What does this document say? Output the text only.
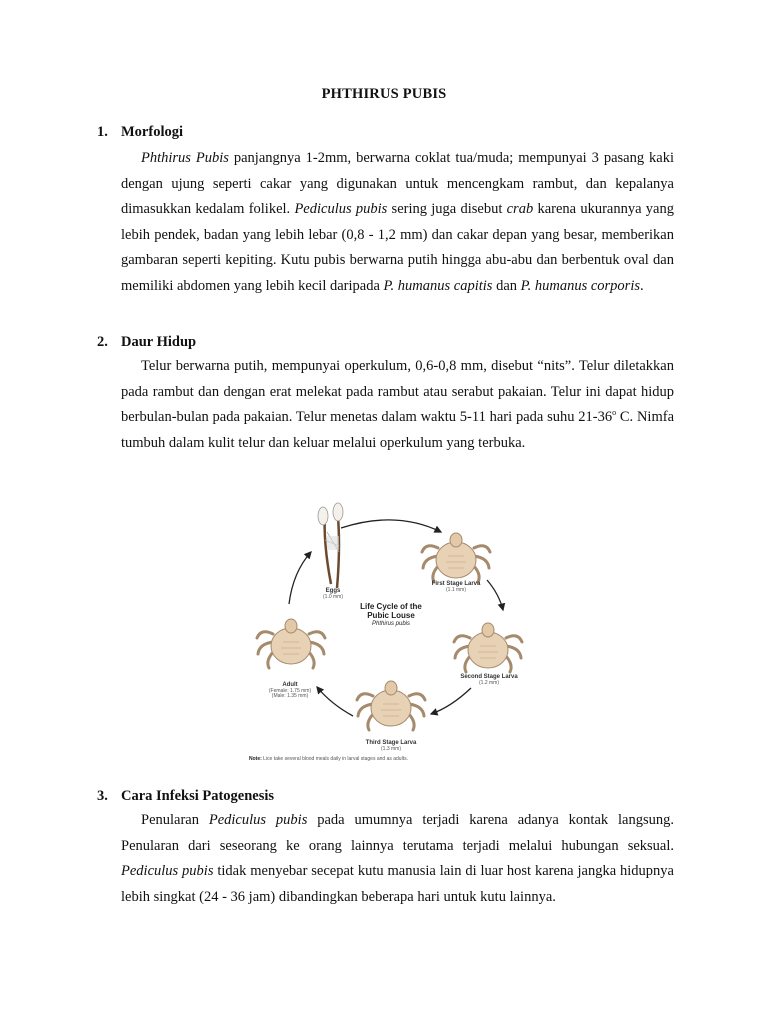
PHTHIRUS PUBIS
1. Morfologi

Phthirus Pubis panjangnya 1-2mm, berwarna coklat tua/muda; mempunyai 3 pasang kaki dengan ujung seperti cakar yang digunakan untuk mencengkam rambut, dan kepalanya dimasukkan kedalam folikel. Pediculus pubis sering juga disebut crab karena ukurannya yang lebih pendek, badan yang lebih lebar (0,8 - 1,2 mm) dan cakar depan yang besar, memberikan gambaran seperti kepiting. Kutu pubis berwarna putih hingga abu-abu dan berbentuk oval dan memiliki abdomen yang lebih kecil daripada P. humanus capitis dan P. humanus corporis.

2. Daur Hidup

Telur berwarna putih, mempunyai operkulum, 0,6-0,8 mm, disebut “nits”. Telur diletakkan pada rambut dan dengan erat melekat pada rambut atau serabut pakaian. Telur ini dapat hidup berbulan-bulan pada pakaian. Telur menetas dalam waktu 5-11 hari pada suhu 21-36$^o$ C. Nimfa tumbuh dalam kulit telur dan keluar melalui operkulum yang terbuka.

Eggs
(1.0 mm)
First Stage Larva
(1.1 mm)
Second Stage Larva
(1.2 mm)
Third Stage Larva
(1.3 mm)
Adult
(Female: 1.75 mm)
(Male: 1.35 mm)
Life Cycle of the
Pubic Louse
Phthirus pubis
Note: Lice take several blood meals daily in larval stages and as adults.
3. Cara Infeksi Patogenesis

Penularan Pediculus pubis pada umumnya terjadi karena adanya kontak langsung. Penularan dari seseorang ke orang lainnya terutama terjadi melalui hubungan seksual. Pediculus pubis tidak menyebar secepat kutu manusia lain di luar host karena jangka hidupnya lebih singkat (24 - 36 jam) dibandingkan beberapa hari untuk kutu lainnya.
